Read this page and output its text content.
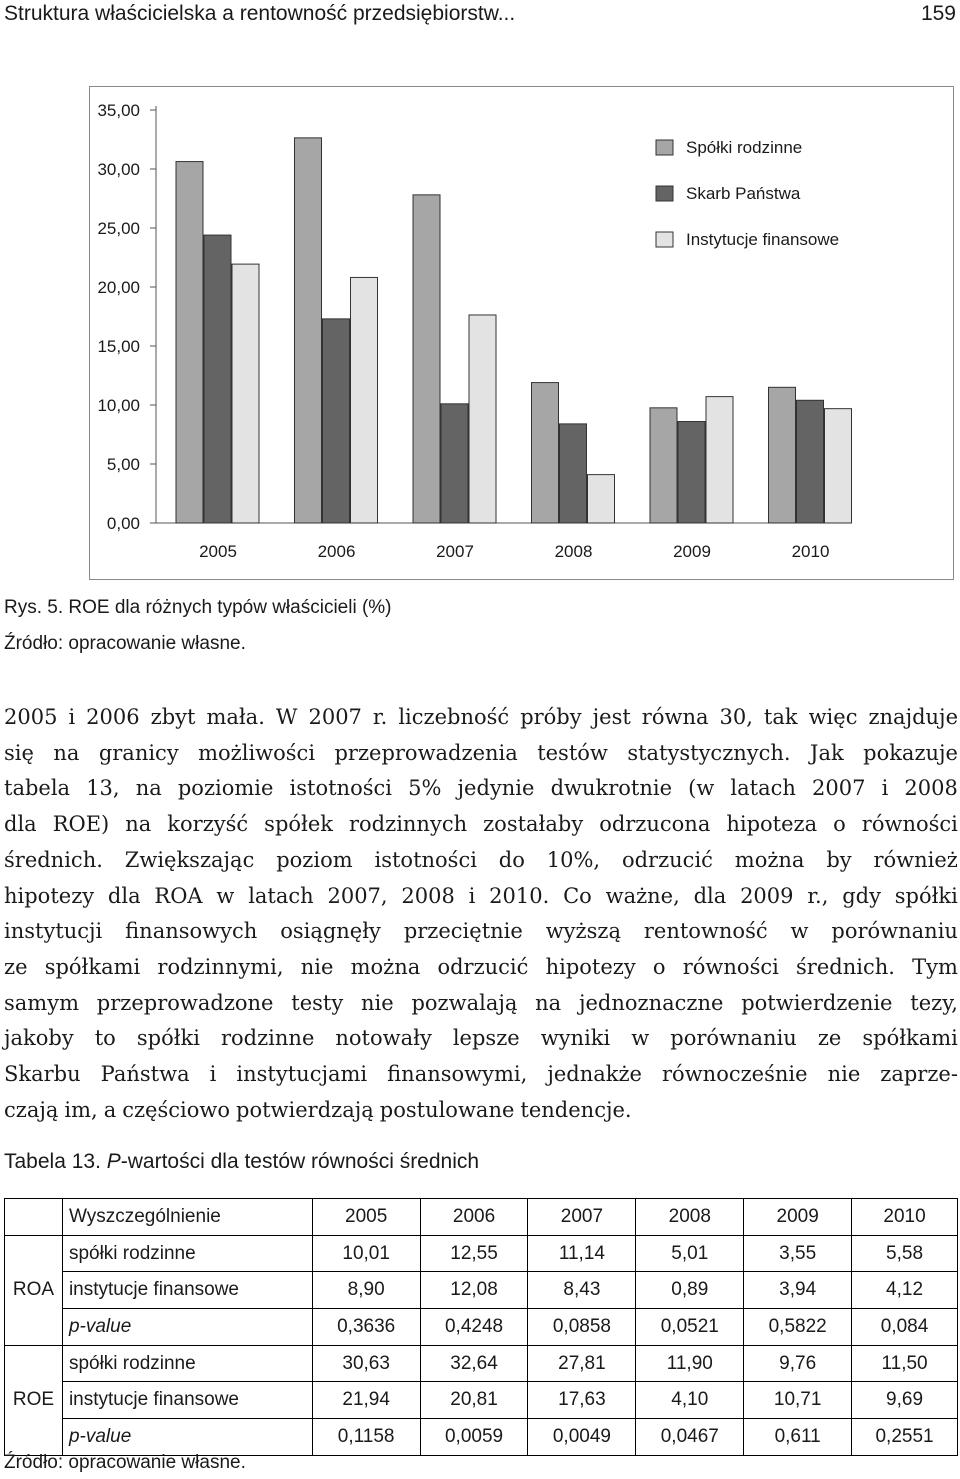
Struktura właścicielska a rentowność przedsiębiorstw...	159
35,00
30,00
25,00
20,00
15,00
10,00
5,00
0,00
2005	2006	2007	2008	2009	2010
Spółki rodzinne
Skarb Państwa
Instytucje finansowe
Rys. 5. ROE dla różnych typów właścicieli (%)
Źródło: opracowanie własne.
2005 i 2006 zbyt mała. W 2007 r. liczebność próby jest równa 30, tak więc znajduje
się na granicy możliwości przeprowadzenia testów statystycznych. Jak pokazuje
tabela 13, na poziomie istotności 5% jedynie dwukrotnie (w latach 2007 i 2008
dla ROE) na korzyść spółek rodzinnych zostałaby odrzucona hipoteza o równości
średnich. Zwiększając poziom istotności do 10%, odrzucić można by również
hipotezy dla ROA w latach 2007, 2008 i 2010. Co ważne, dla 2009 r., gdy spółki
instytucji finansowych osiągnęły przeciętnie wyższą rentowność w porównaniu
ze spółkami rodzinnymi, nie można odrzucić hipotezy o równości średnich. Tym
samym przeprowadzone testy nie pozwalają na jednoznaczne potwierdzenie tezy,
jakoby to spółki rodzinne notowały lepsze wyniki w porównaniu ze spółkami
Skarbu Państwa i instytucjami finansowymi, jednakże równocześnie nie zaprze-
czają im, a częściowo potwierdzają postulowane tendencje.
Tabela 13. P-wartości dla testów równości średnich
	Wyszczególnienie	2005	2006	2007	2008	2009	2010
ROA	spółki rodzinne	10,01	12,55	11,14	5,01	3,55	5,58
	instytucje finansowe	8,90	12,08	8,43	0,89	3,94	4,12
	p-value	0,3636	0,4248	0,0858	0,0521	0,5822	0,084
ROE	spółki rodzinne	30,63	32,64	27,81	11,90	9,76	11,50
	instytucje finansowe	21,94	20,81	17,63	4,10	10,71	9,69
	p-value	0,1158	0,0059	0,0049	0,0467	0,611	0,2551
Źródło: opracowanie własne.
